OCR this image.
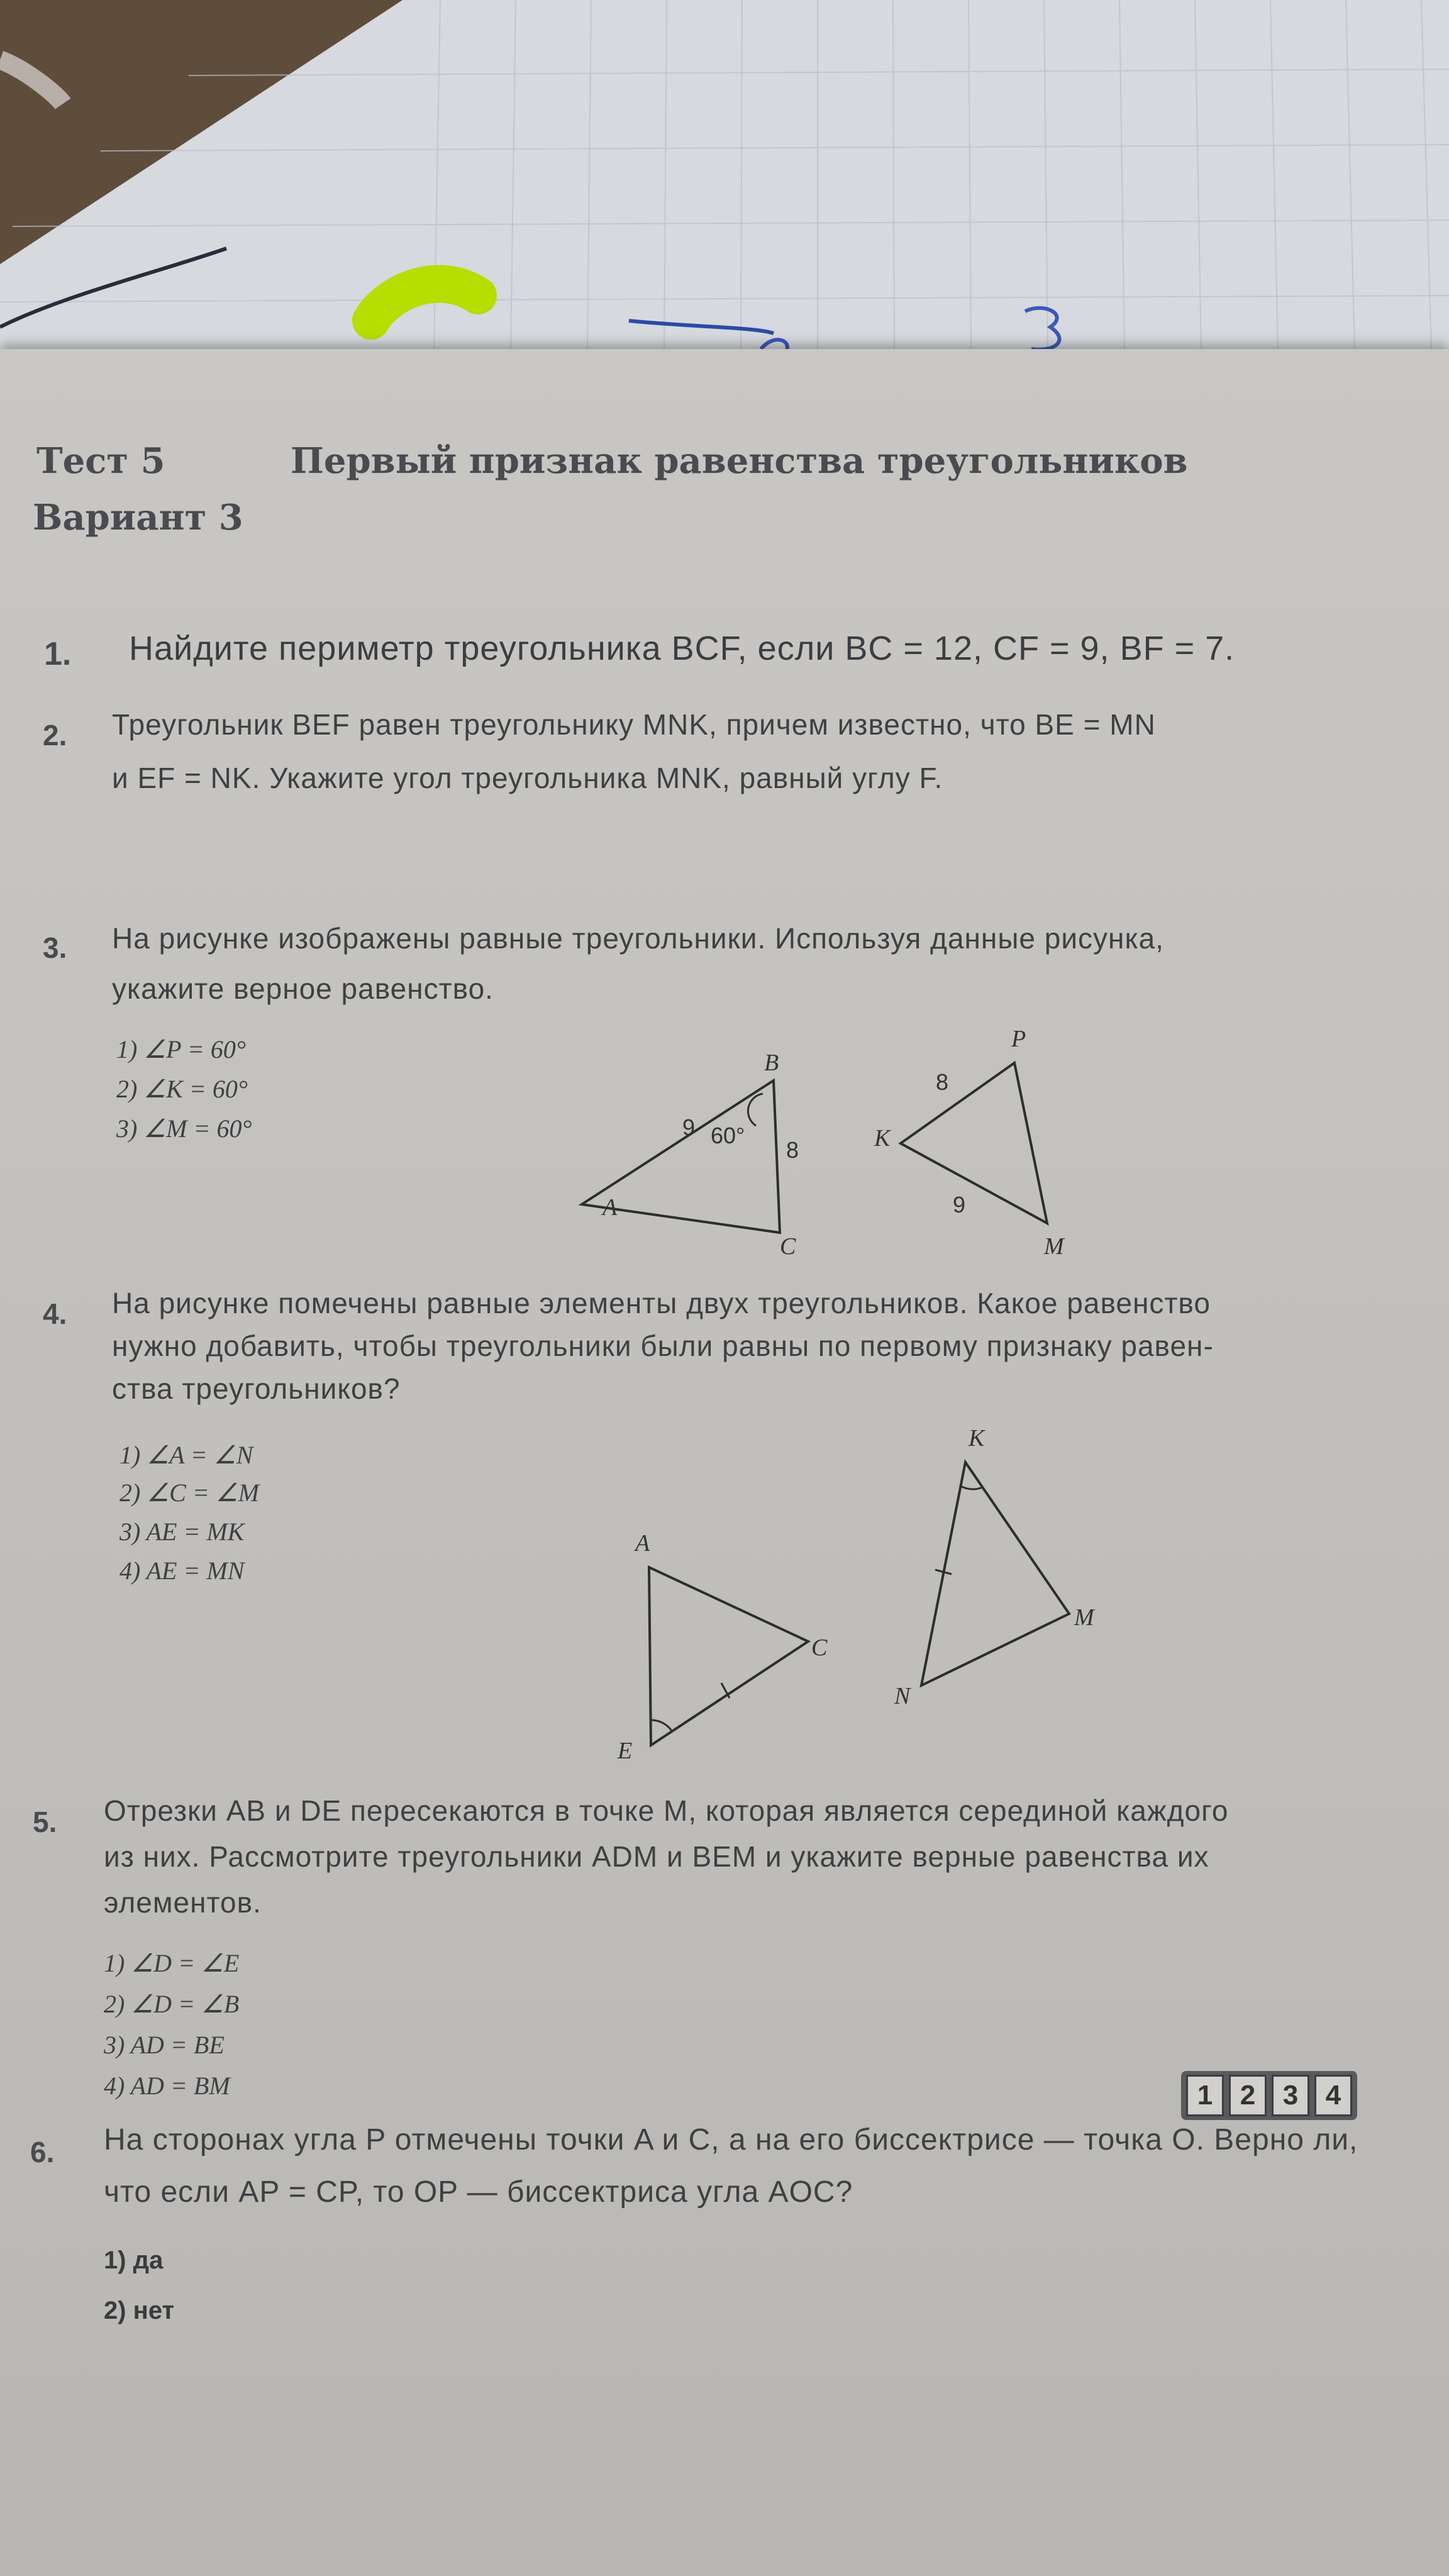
Тест 5	Первый признак равенства треугольников
Вариант 3
1. Найдите периметр треугольника BCF, если BC = 12, CF = 9, BF = 7.
2. Треугольник BEF равен треугольнику MNK, причем известно, что BE = MN
и EF = NK. Укажите угол треугольника MNK, равный углу F.
3. На рисунке изображены равные треугольники. Используя данные рисунка,
укажите верное равенство.
1) ∠P = 60°
2) ∠K = 60°
3) ∠M = 60°
B
A
C
9
8
60°
P
K
M
8
9
4. На рисунке помечены равные элементы двух треугольников. Какое равенство
нужно добавить, чтобы треугольники были равны по первому признаку равен-
ства треугольников?
1) ∠A = ∠N
2) ∠C = ∠M
3) AE = MK
4) AE = MN
A
C
E
K
M
N
5. Отрезки AB и DE пересекаются в точке M, которая является серединой каждого
из них. Рассмотрите треугольники ADM и BEM и укажите верные равенства их
элементов.
1) ∠D = ∠E
2) ∠D = ∠B
3) AD = BE
4) AD = BM	1 2 3 4
6. На сторонах угла P отмечены точки A и C, а на его биссектрисе — точка O. Верно ли,
что если AP = CP, то OP — биссектриса угла AOC?
1) да
2) нет
